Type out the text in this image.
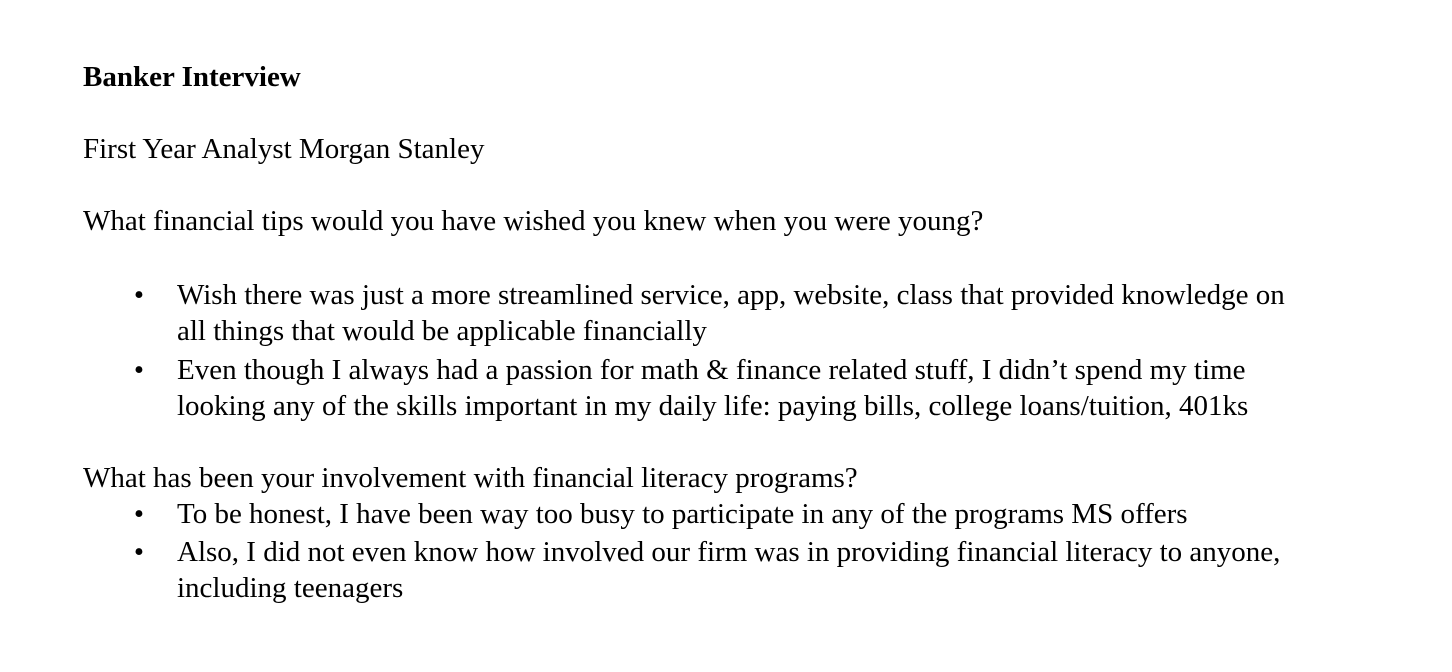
Banker Interview

First Year Analyst Morgan Stanley

What financial tips would you have wished you knew when you were young?

• Wish there was just a more streamlined service, app, website, class that provided knowledge on all things that would be applicable financially
• Even though I always had a passion for math & finance related stuff, I didn’t spend my time looking any of the skills important in my daily life: paying bills, college loans/tuition, 401ks

What has been your involvement with financial literacy programs?

• To be honest, I have been way too busy to participate in any of the programs MS offers
• Also, I did not even know how involved our firm was in providing financial literacy to anyone, including teenagers
